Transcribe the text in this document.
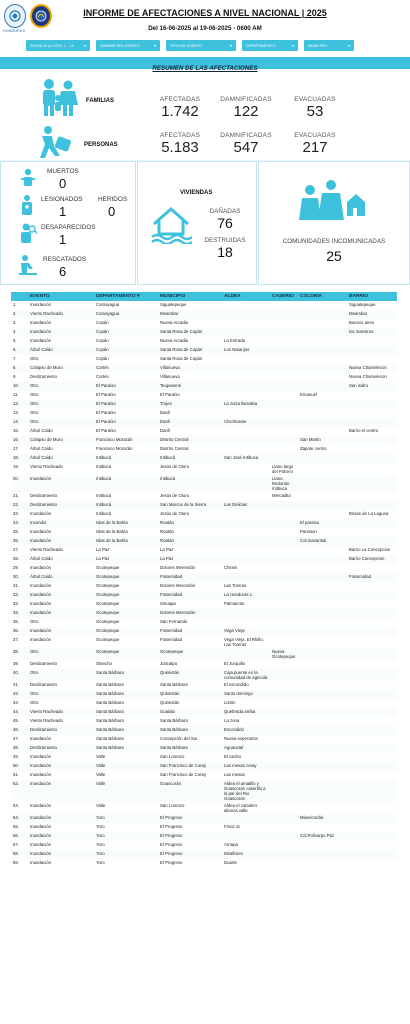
HONDURAS
INFORME DE AFECTACIONES A NIVEL NACIONAL | 2025
Del 16-06-2025 al 19-06-2025 - 0600 AM
FECHA 16 jun 2025, 1... 19	▾	NOMBRE DEL EVENTO	▾	TIPO DEL EVENTO	▾	DEPARTAMENTO	▾	MUNICIPIO	▾
RESUMEN DE LAS AFECTACIONES
FAMILIAS	AFECTADAS
1.742
DAMNIFICADAS
122
EVACUADAS
53
PERSONAS
AFECTADAS
5.183
DAMNIFICADAS
547
EVACUADAS
217
MUERTOS
0
LESIONADOS
1
HERIDOS
0
DESAPARECIDOS
1
RESCATADOS
6
VIVIENDAS
DAÑADAS
76
DESTRUIDAS
18
COMUNIDADES INCOMUNICADAS
25
	EVENTO	DEPARTAMENTO ▾	MUNICIPIO	ALDEA	CASERIO	COLONIA	BARRIO
1.	Inundación	Comayagua	Siguatepeque				Siguatepeque
2.	Viento Racheado	Comayagua	Meambar				Meambar
3.	Inundación	Copán	Nueva Arcadia				Buenos aires
4.	Inundación	Copán	Santa Rosa de Copán				los maestros
5.	Inundación	Copán	Nueva Arcadia	La Entrada			
6.	Árbol Caído	Copán	Santa Rosa de Copán	Los Naranjos			
7.	Otro	Copán	Santa Rosa de Copán				
8.	Colapso de Muro	Cortés	Villanueva				Nueva Chamelecon
9.	Deslizamiento	Cortés	Villanueva				Nueva Chamelecon
10.	Otro	El Paraíso	Teupasenti				San isidro
11.	Otro	El Paraíso	El Paraíso			Emanuel	
12.	Otro	El Paraíso	Trojes	La zuiza llamalea			
13.	Otro	El Paraíso	Danlí				
14.	Otro	El Paraíso	Danlí	Chichicaste			
15.	Árbol Caído	El Paraíso	Danlí				Barrio el centro
16.	Colapso de Muro	Francisco Morazán	Distrito Central			San Martin	
17.	Árbol Caído	Francisco Morazán	Distrito Central			Zapote centro	
18.	Árbol Caído	Intibucá	Intibucá	San José Intibuca			
19.	Viento Racheado	Intibucá	Jesús de Otoro		Llano largo del Potrero		
20.	Inundación	Intibucá	Intibucá		Llano Redondo Intibuca		
21.	Deslizamiento	Intibucá	Jesús de Otoro		Mercadito		
22.	Deslizamiento	Intibucá	San Marcos de la Sierra	Las Delicias			
23.	Inundación	Intibucá	Jesús de Otoro				Brisas de La Laguna
24.	Incendio	Islas de la Bahía	Roatán			El paraiso	
25.	Inundación	Islas de la Bahía	Roatán			Paniston	
26.	Inundación	Islas de la Bahía	Roatán			Col.manantial	
27.	Viento Racheado	La Paz	La Paz				Barrio La Concepcion
28.	Árbol Caído	La Paz	La Paz				Barrio Concepcion
29.	Inundación	Ocotepeque	Dolores Merendón	Chimis			
30.	Árbol Caído	Ocotepeque	Fraternidad				Fraternidad
31.	Inundación	Ocotepeque	Dolores Merendón	Las Toreras			
32.	Inundación	Ocotepeque	Fraternidad	La Honduras 1			
33.	Inundación	Ocotepeque	Sinuapa	Palmarcito			
34.	Inundación	Ocotepeque	Dolores Merendón				
35.	Otro	Ocotepeque	San Fernando				
36.	Inundación	Ocotepeque	Fraternidad	Vega Vieja			
37.	Inundación	Ocotepeque	Fraternidad	Vega Vieja, El Rhillo, Las Toreras			
38.	Otro	Ocotepeque	Ocotepeque		Nueva Ocotepeque		
39.	Deslizamiento	Olancho	Juticalpa	El Jurquillo			
40.	Otro	Santa Bárbara	Quimistán	Caja puente en la comunidad de agricola			
41.	Deslizamiento	Santa Bárbara	Santa Bárbara	El escondido			
42.	Otro	Santa Bárbara	Quimistán	Santo domingo			
43.	Otro	Santa Bárbara	Quimistán	Listón			
44.	Viento Racheado	Santa Bárbara	Gualala	Quebrada arriba			
45.	Viento Racheado	Santa Bárbara	Santa Bárbara	La zona			
46.	Deslizamiento	Santa Bárbara	Santa Bárbara	Escondido			
47.	Inundación	Santa Bárbara	Concepción del Sur	Nueva esperanza			
48.	Deslizamiento	Santa Bárbara	Santa Bárbara	Aguacatal			
49.	Inundación	Valle	San Lorenzo	El carrito			
50.	Inundación	Valle	San Francisco de Coray	Las mesas coray			
51.	Inundación	Valle	San Francisco de Coray	Las mesas			
52.	Inundación	Valle	Goascorán	Aldea el amatillo y Goascoran caserillo a la par del Rio Goascoran			
53.	Inundación	Valle	San Lorenzo	Aldea el cubulero alianza valle			
54.	Inundación	Yoro	El Progreso			Misericordia	
55.	Inundación	Yoro	El Progreso	Finca 11			
56.	Inundación	Yoro	El Progreso			Col.Policarpo Paz	
57.	Inundación	Yoro	El Progreso	Arnapa			
58.	Inundación	Yoro	El Progreso	Miraflores			
59.	Inundación	Yoro	El Progreso	Duarte			
